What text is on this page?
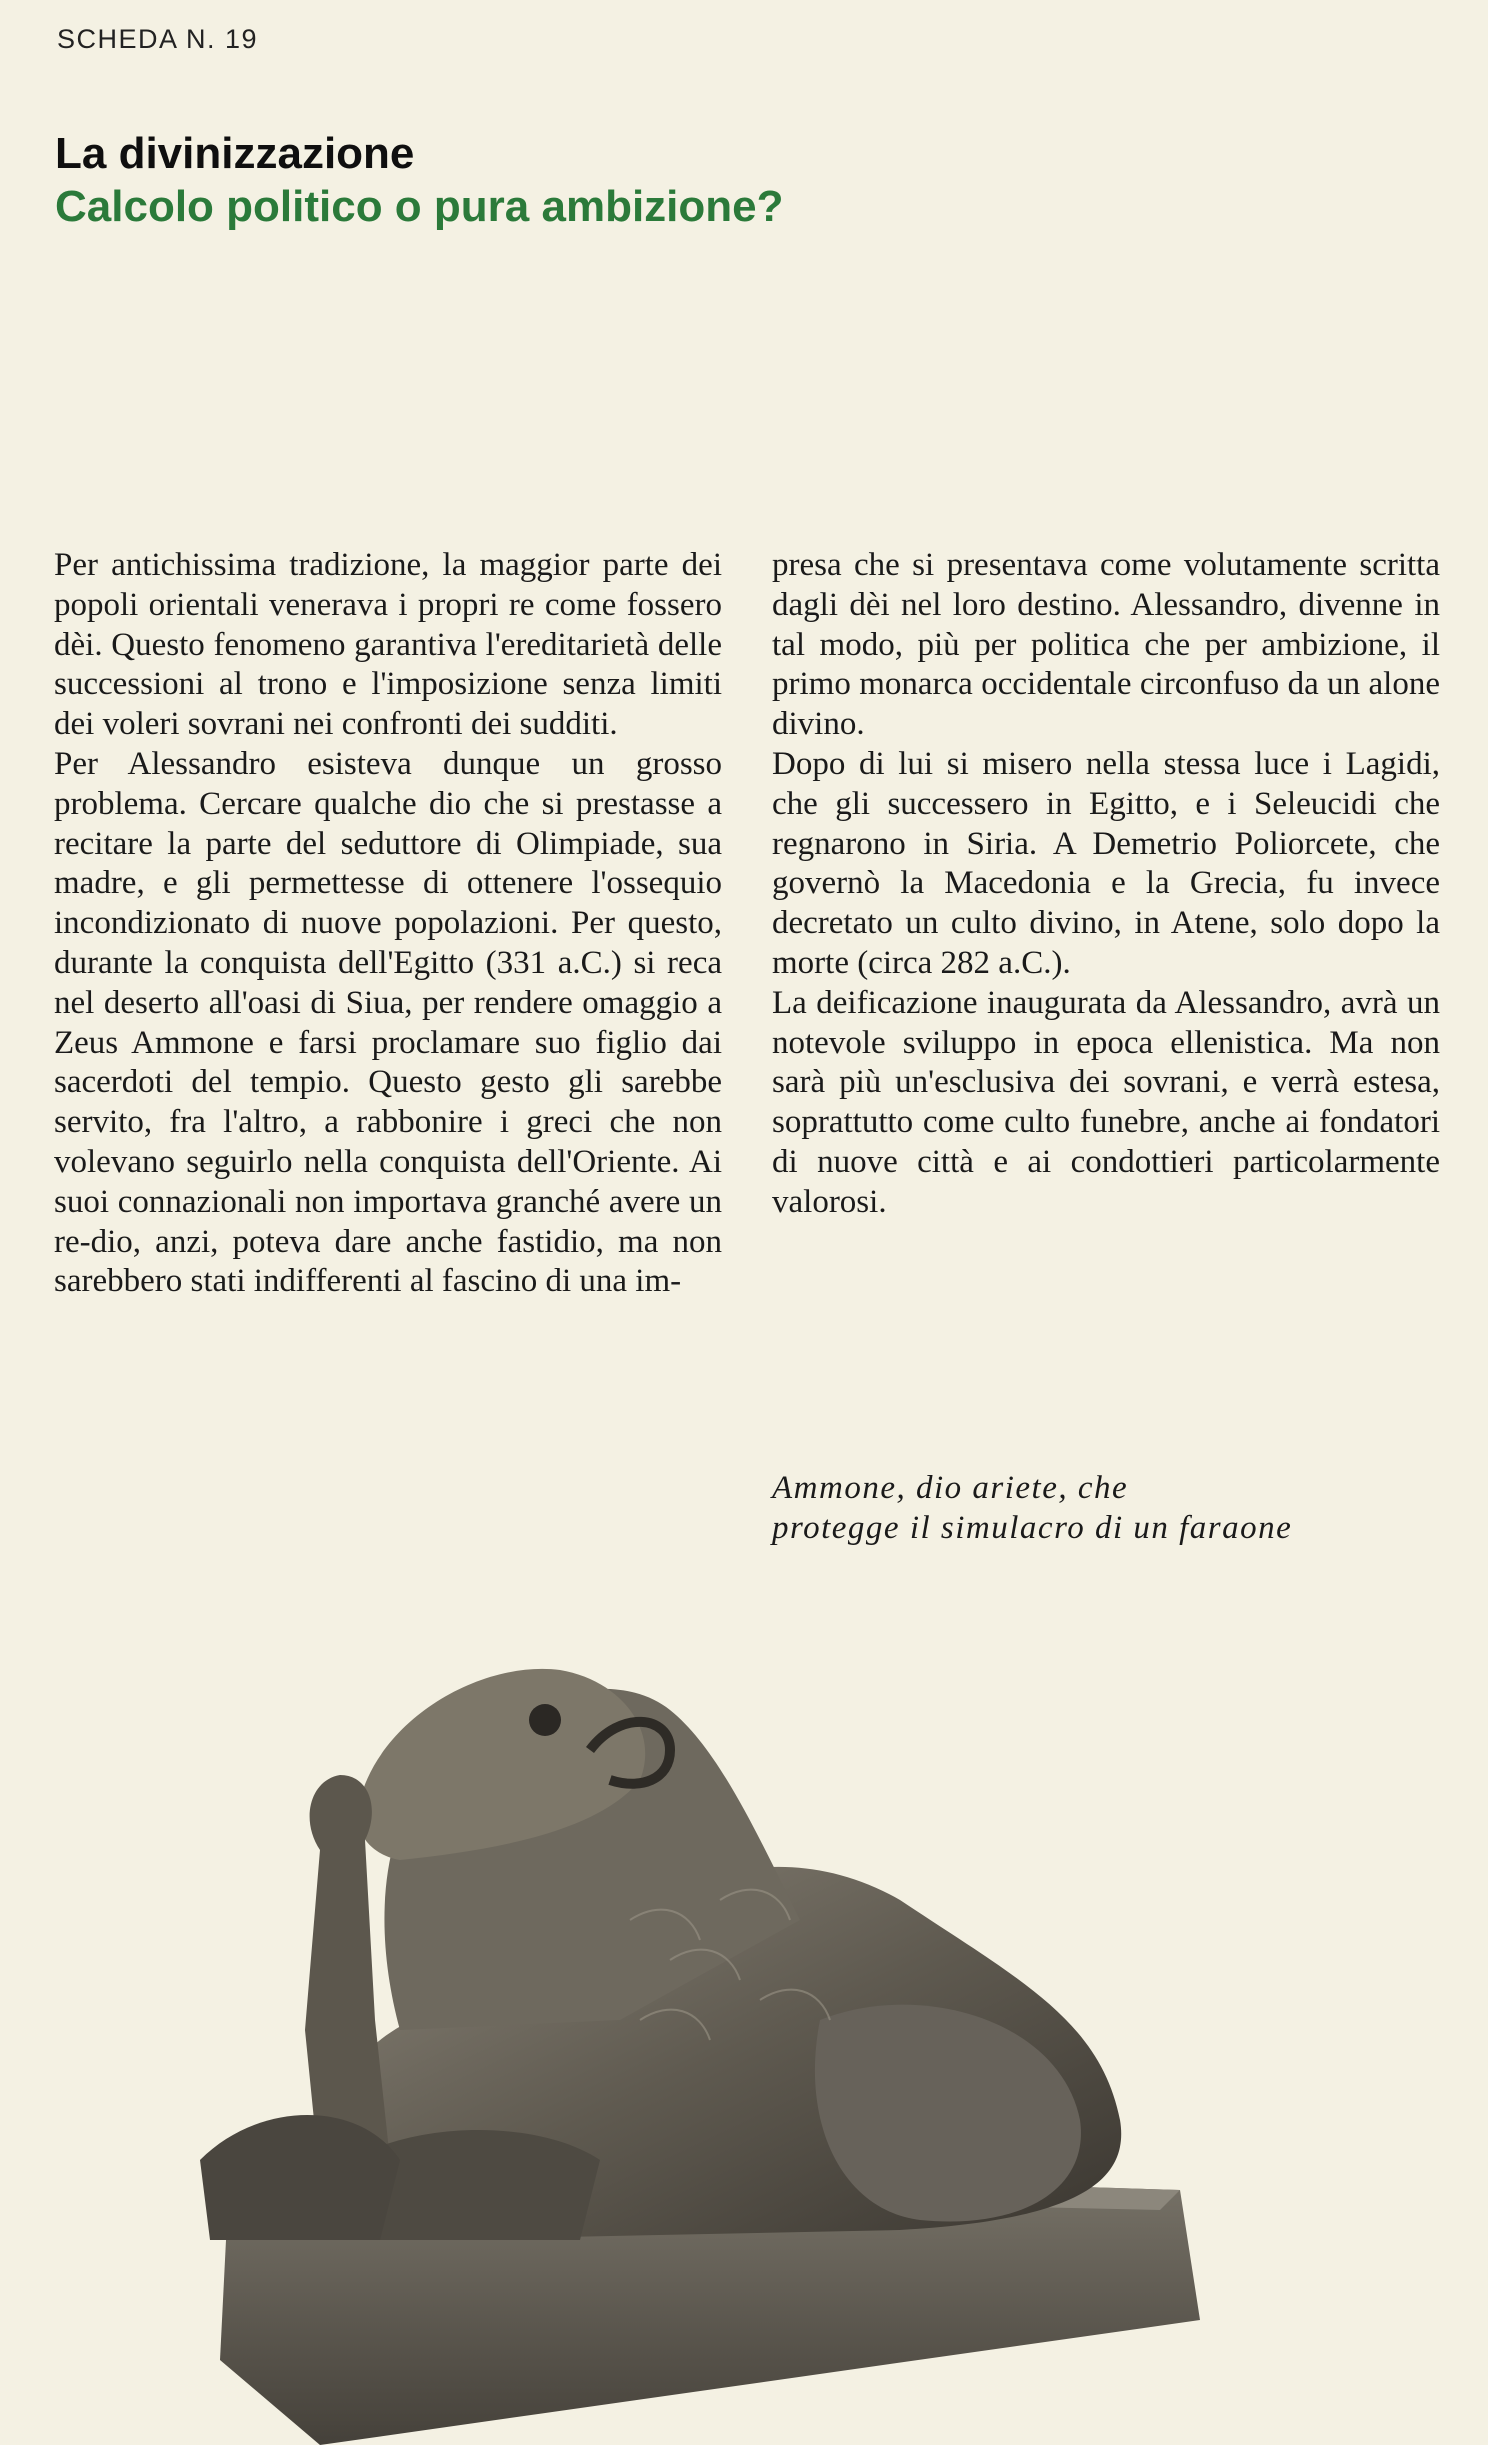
SCHEDA N. 19
La divinizzazione
Calcolo politico o pura ambizione?

Per antichissima tradizione, la maggior parte dei popoli orientali venerava i propri re come fossero dèi. Questo fenomeno garantiva l'ereditarietà delle successioni al trono e l'imposizione senza limiti dei voleri sovrani nei confronti dei sudditi.

Per Alessandro esisteva dunque un grosso problema. Cercare qualche dio che si prestasse a recitare la parte del seduttore di Olimpiade, sua madre, e gli permettesse di ottenere l'ossequio incondizionato di nuove popolazioni. Per questo, durante la conquista dell'Egitto (331 a.C.) si reca nel deserto all'oasi di Siua, per rendere omaggio a Zeus Ammone e farsi proclamare suo figlio dai sacerdoti del tempio. Questo gesto gli sarebbe servito, fra l'altro, a rabbonire i greci che non volevano seguirlo nella conquista dell'Oriente. Ai suoi connazionali non importava granché avere un re-dio, anzi, poteva dare anche fastidio, ma non sarebbero stati indifferenti al fascino di una im-

presa che si presentava come volutamente scritta dagli dèi nel loro destino. Alessandro, divenne in tal modo, più per politica che per ambizione, il primo monarca occidentale circonfuso da un alone divino.

Dopo di lui si misero nella stessa luce i Lagidi, che gli successero in Egitto, e i Seleucidi che regnarono in Siria. A Demetrio Poliorcete, che governò la Macedonia e la Grecia, fu invece decretato un culto divino, in Atene, solo dopo la morte (circa 282 a.C.).

La deificazione inaugurata da Alessandro, avrà un notevole sviluppo in epoca ellenistica. Ma non sarà più un'esclusiva dei sovrani, e verrà estesa, soprattutto come culto funebre, anche ai fondatori di nuove città e ai condottieri particolarmente valorosi.

Ammone, dio ariete, che
protegge il simulacro di un faraone
